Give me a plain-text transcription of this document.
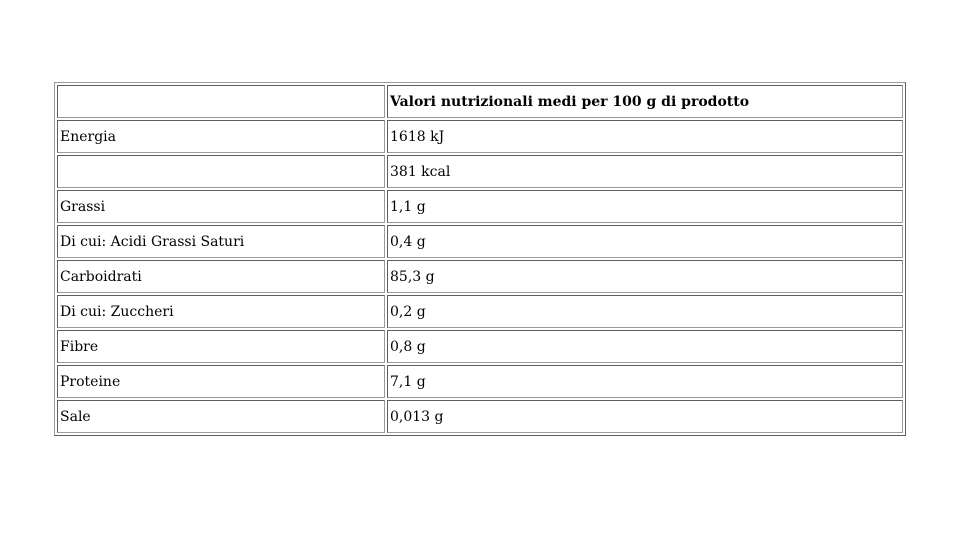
	Valori nutrizionali medi per 100 g di prodotto
Energia	1618 kJ
	381 kcal
Grassi	1,1 g
Di cui: Acidi Grassi Saturi	0,4 g
Carboidrati	85,3 g
Di cui: Zuccheri	0,2 g
Fibre	0,8 g
Proteine	7,1 g
Sale	0,013 g
